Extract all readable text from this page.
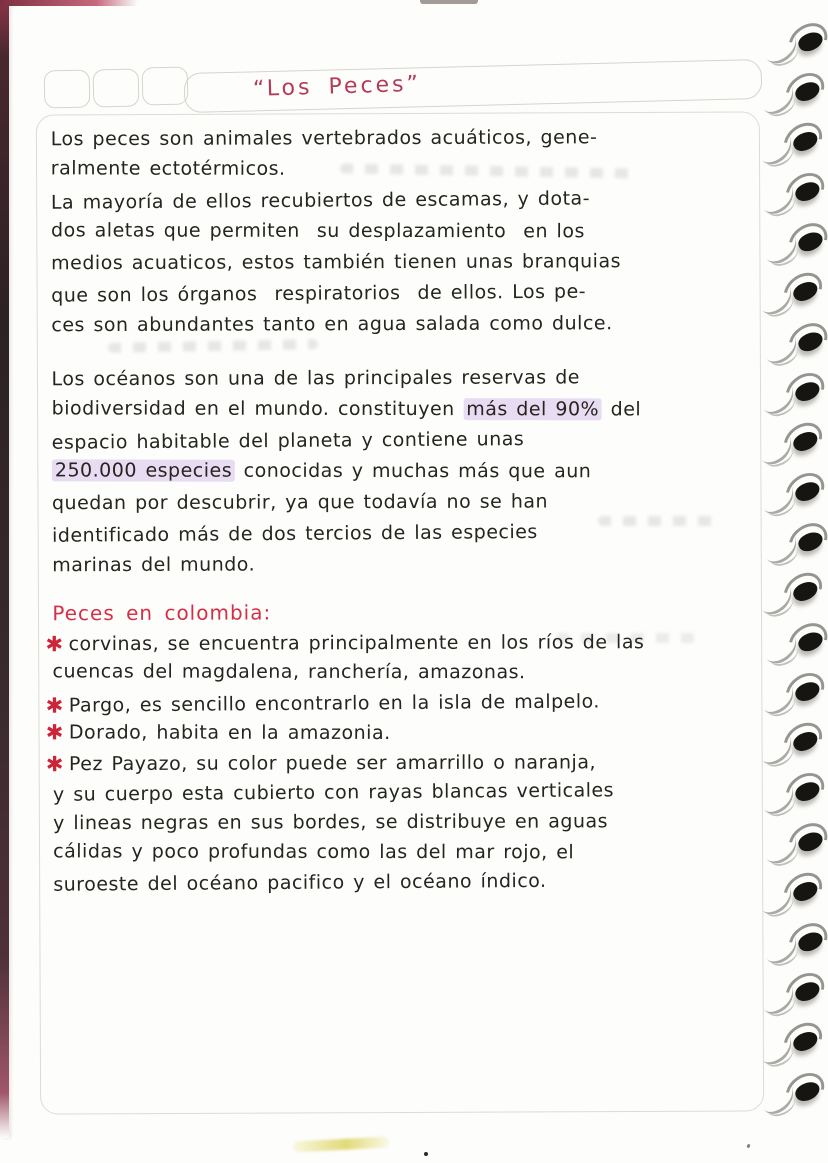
“Los Peces”
Los peces son animales vertebrados acuáticos, gene-
ralmente ectotérmicos.
La mayoría de ellos recubiertos de escamas, y dota-
dos aletas que permiten  su desplazamiento  en los
medios acuaticos, estos también tienen unas branquias
que son los órganos  respiratorios  de ellos. Los pe-
ces son abundantes tanto en agua salada como dulce.
Los océanos son una de las principales reservas de
biodiversidad en el mundo. constituyen más del 90% del
espacio habitable del planeta y contiene unas
250.000 especies conocidas y muchas más que aun
quedan por descubrir, ya que todavía no se han
identificado más de dos tercios de las especies
marinas del mundo.
Peces en colombia:
✱ corvinas, se encuentra principalmente en los ríos de las
cuencas del magdalena, ranchería, amazonas.
✱ Pargo, es sencillo encontrarlo en la isla de malpelo.
✱ Dorado, habita en la amazonia.
✱ Pez Payazo, su color puede ser amarrillo o naranja,
y su cuerpo esta cubierto con rayas blancas verticales
y lineas negras en sus bordes, se distribuye en aguas
cálidas y poco profundas como las del mar rojo, el
suroeste del océano pacifico y el océano índico.
